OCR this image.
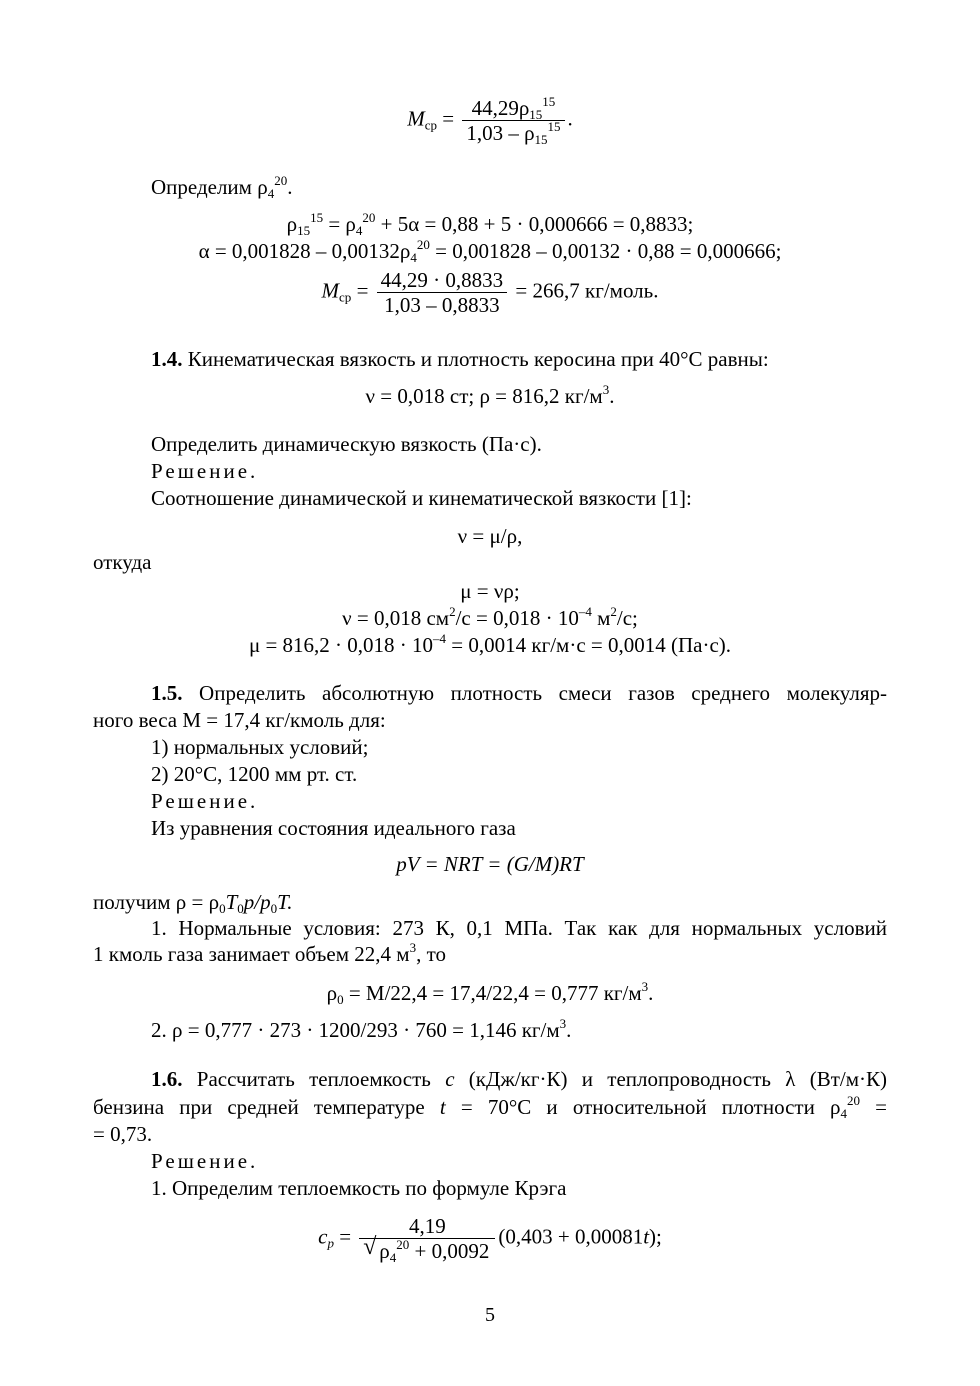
$M_{ср} = \frac{44,29\rho_{15}^{15}}{1,03 - \rho_{15}^{15}}$ .
Определим $\rho_4^{20}$.
$\rho_{15}^{15} = \rho_4^{20} + 5\alpha = 0,88 + 5 \cdot 0,000666 = 0,8833$;
$\alpha = 0,001828 - 0,00132\rho_4^{20} = 0,001828 - 0,00132 \cdot 0,88 = 0,000666$;
$M_{ср} = \frac{44,29 \cdot 0,8833}{1,03 - 0,8833} = 266,7$ кг/моль.
1.4. Кинематическая вязкость и плотность керосина при 40°С равны:
ν = 0,018 ст; ρ = 816,2 $кг/м^3$.
Определить динамическую вязкость (Па·с).
Решение.
Соотношение динамической и кинематической вязкости [1]:
ν = μ/ρ,
откуда
μ = νρ;
ν = 0,018 $см^2/с = 0,018 \cdot 10^{-4}$ $м^2/с$;
$\mu = 816,2 \cdot 0,018 \cdot 10^{-4} = 0,0014$ кг/м·с = 0,0014 (Па·с).
1.5. Определить абсолютную плотность смеси газов среднего молекуляр-
ного веса М = 17,4 кг/кмоль для:
1) нормальных условий;
2) 20°С, 1200 мм рт. ст.
Решение.
Из уравнения состояния идеального газа
pV = NRT = (G/M)RT
получим $\rho = \rho_0T_0p/p_0T$.
1. Нормальные условия: 273 К, 0,1 МПа. Так как для нормальных условий
1 кмоль газа занимает объем 22,4 $м^3$, то
$\rho_0 = М/22,4 = 17,4/22,4 = 0,777$ $кг/м^3$.
2. ρ = 0,777 · 273 · 1200/293 · 760 = 1,146 $кг/м^3$.
1.6. Рассчитать теплоемкость c (кДж/кг·К) и теплопроводность λ (Вт/м·К)
бензина при средней температуре t = 70°С и относительной плотности $\rho_4^{20}$ =
= 0,73.
Решение.
1. Определим теплоемкость по формуле Крэга
$c_p = \frac{4,19}{√ \rho_4^{20} + 0,0092} (0,403 + 0,00081t)$;
5
